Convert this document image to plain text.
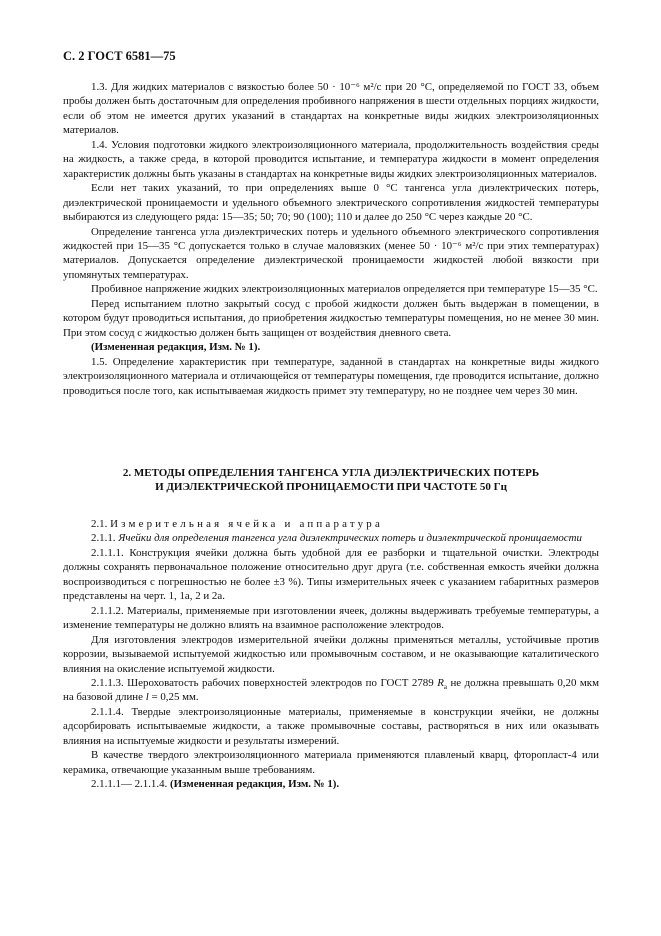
С. 2 ГОСТ 6581—75

1.3. Для жидких материалов с вязкостью более 50 · 10⁻⁶ м²/с при 20 °С, определяемой по ГОСТ 33, объем пробы должен быть достаточным для определения пробивного напряжения в шести отдельных порциях жидкости, если об этом не имеется других указаний в стандартах на конкретные виды жидких электроизоляционных материалов.

1.4. Условия подготовки жидкого электроизоляционного материала, продолжительность воздействия среды на жидкость, а также среда, в которой проводится испытание, и температура жидкости в момент определения характеристик должны быть указаны в стандартах на конкретные виды жидких электроизоляционных материалов.

Если нет таких указаний, то при определениях выше 0 °С тангенса угла диэлектрических потерь, диэлектрической проницаемости и удельного объемного электрического сопротивления жидкостей температуры выбираются из следующего ряда: 15—35; 50; 70; 90 (100); 110 и далее до 250 °С через каждые 20 °С.

Определение тангенса угла диэлектрических потерь и удельного объемного электрического сопротивления жидкостей при 15—35 °С допускается только в случае маловязких (менее 50 · 10⁻⁶ м²/с при этих температурах) материалов. Допускается определение диэлектрической проницаемости жидкостей любой вязкости при упомянутых температурах.

Пробивное напряжение жидких электроизоляционных материалов определяется при температуре 15—35 °С.

Перед испытанием плотно закрытый сосуд с пробой жидкости должен быть выдержан в помещении, в котором будут проводиться испытания, до приобретения жидкостью температуры помещения, но не менее 30 мин. При этом сосуд с жидкостью должен быть защищен от воздействия дневного света.

(Измененная редакция, Изм. № 1).

1.5. Определение характеристик при температуре, заданной в стандартах на конкретные виды жидкого электроизоляционного материала и отличающейся от температуры помещения, где проводится испытание, должно проводиться после того, как испытываемая жидкость примет эту температуру, но не позднее чем через 30 мин.

2. МЕТОДЫ ОПРЕДЕЛЕНИЯ ТАНГЕНСА УГЛА ДИЭЛЕКТРИЧЕСКИХ ПОТЕРЬ
И ДИЭЛЕКТРИЧЕСКОЙ ПРОНИЦАЕМОСТИ ПРИ ЧАСТОТЕ 50 Гц

2.1. Измерительная ячейка и аппаратура

2.1.1. Ячейки для определения тангенса угла диэлектрических потерь и диэлектрической проницаемости

2.1.1.1. Конструкция ячейки должна быть удобной для ее разборки и тщательной очистки. Электроды должны сохранять первоначальное положение относительно друг друга (т.е. собственная емкость ячейки должна воспроизводиться с погрешностью не более ±3 %). Типы измерительных ячеек с указанием габаритных размеров представлены на черт. 1, 1а, 2 и 2а.

2.1.1.2. Материалы, применяемые при изготовлении ячеек, должны выдерживать требуемые температуры, а изменение температуры не должно влиять на взаимное расположение электродов.

Для изготовления электродов измерительной ячейки должны применяться металлы, устойчивые против коррозии, вызываемой испытуемой жидкостью или промывочным составом, и не оказывающие каталитического влияния на окисление испытуемой жидкости.

2.1.1.3. Шероховатость рабочих поверхностей электродов по ГОСТ 2789 $R_a$ не должна превышать 0,20 мкм на базовой длине l = 0,25 мм.

2.1.1.4. Твердые электроизоляционные материалы, применяемые в конструкции ячейки, не должны адсорбировать испытываемые жидкости, а также промывочные составы, растворяться в них или оказывать влияния на испытуемые жидкости и результаты измерений.

В качестве твердого электроизоляционного материала применяются плавленый кварц, фторопласт-4 или керамика, отвечающие указанным выше требованиям.

2.1.1.1— 2.1.1.4. (Измененная редакция, Изм. № 1).
